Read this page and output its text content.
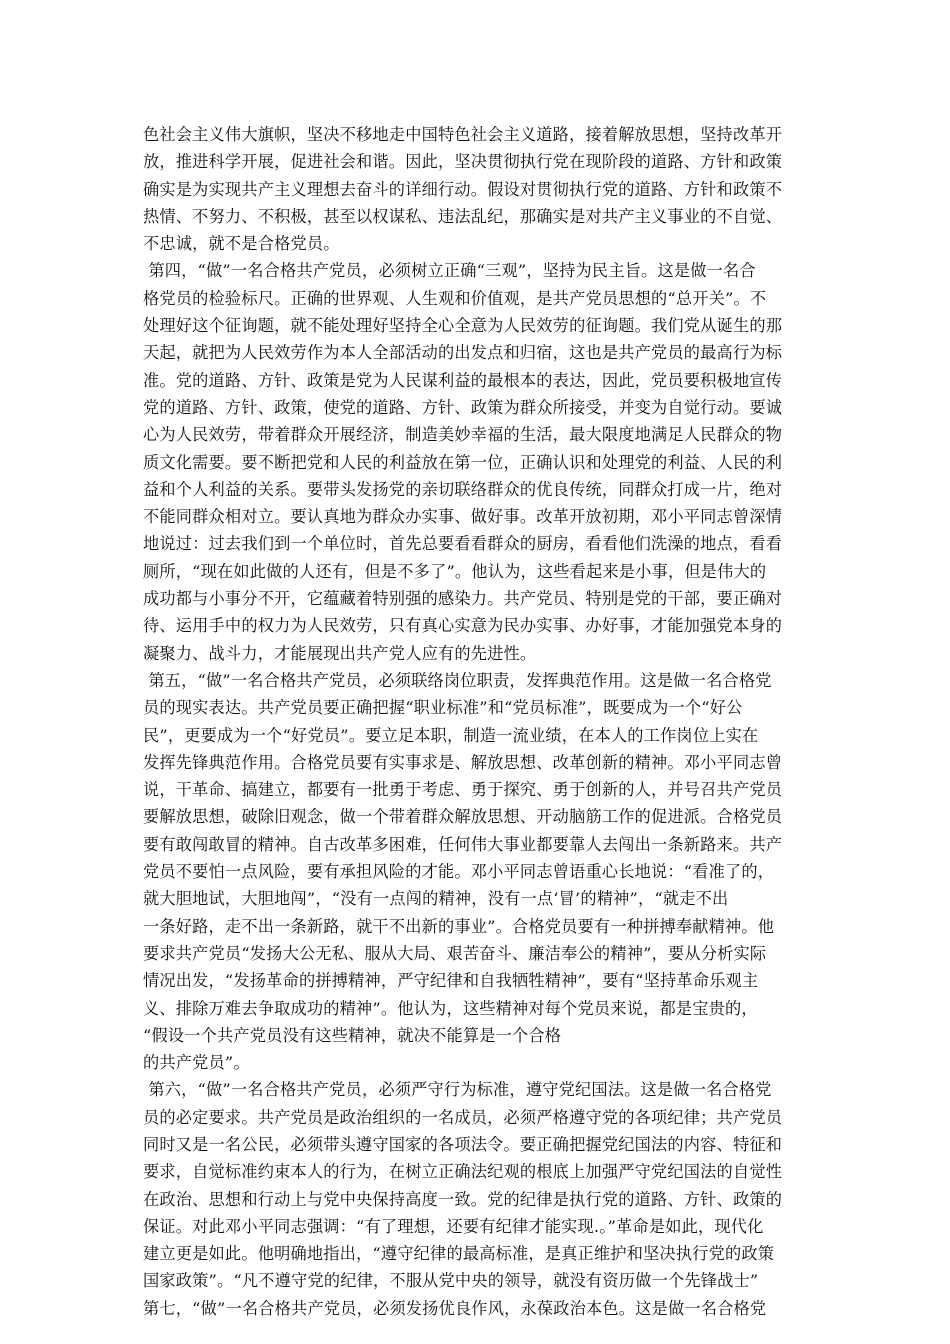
色社会主义伟大旗帜，坚决不移地走中国特色社会主义道路，接着解放思想，坚持改革开
放，推进科学开展，促进社会和谐。因此，坚决贯彻执行党在现阶段的道路、方针和政策
确实是为实现共产主义理想去奋斗的详细行动。假设对贯彻执行党的道路、方针和政策不
热情、不努力、不积极，甚至以权谋私、违法乱纪，那确实是对共产主义事业的不自觉、
不忠诚，就不是合格党员。
第四，“做”一名合格共产党员，必须树立正确“三观”，坚持为民主旨。这是做一名合
格党员的检验标尺。正确的世界观、人生观和价值观，是共产党员思想的“总开关”。不
处理好这个征询题，就不能处理好坚持全心全意为人民效劳的征询题。我们党从诞生的那
天起，就把为人民效劳作为本人全部活动的出发点和归宿，这也是共产党员的最高行为标
准。党的道路、方针、政策是党为人民谋利益的最根本的表达，因此，党员要积极地宣传
党的道路、方针、政策，使党的道路、方针、政策为群众所接受，并变为自觉行动。要诚
心为人民效劳，带着群众开展经济，制造美妙幸福的生活，最大限度地满足人民群众的物
质文化需要。要不断把党和人民的利益放在第一位，正确认识和处理党的利益、人民的利
益和个人利益的关系。要带头发扬党的亲切联络群众的优良传统，同群众打成一片，绝对
不能同群众相对立。要认真地为群众办实事、做好事。改革开放初期，邓小平同志曾深情
地说过：过去我们到一个单位时，首先总要看看群众的厨房，看看他们洗澡的地点，看看
厕所，“现在如此做的人还有，但是不多了”。他认为，这些看起来是小事，但是伟大的
成功都与小事分不开，它蕴藏着特别强的感染力。共产党员、特别是党的干部，要正确对
待、运用手中的权力为人民效劳，只有真心实意为民办实事、办好事，才能加强党本身的
凝聚力、战斗力，才能展现出共产党人应有的先进性。
第五，“做”一名合格共产党员，必须联络岗位职责，发挥典范作用。这是做一名合格党
员的现实表达。共产党员要正确把握“职业标准”和“党员标准”，既要成为一个“好公
民”，更要成为一个“好党员”。要立足本职，制造一流业绩，在本人的工作岗位上实在
发挥先锋典范作用。合格党员要有实事求是、解放思想、改革创新的精神。邓小平同志曾
说，干革命、搞建立，都要有一批勇于考虑、勇于探究、勇于创新的人，并号召共产党员
要解放思想，破除旧观念，做一个带着群众解放思想、开动脑筋工作的促进派。合格党员
要有敢闯敢冒的精神。自古改革多困难，任何伟大事业都要靠人去闯出一条新路来。共产
党员不要怕一点风险，要有承担风险的才能。邓小平同志曾语重心长地说：“看准了的，
就大胆地试，大胆地闯”，“没有一点闯的精神，没有一点‘冒’的精神”，“就走不出
一条好路，走不出一条新路，就干不出新的事业”。合格党员要有一种拼搏奉献精神。他
要求共产党员“发扬大公无私、服从大局、艰苦奋斗、廉洁奉公的精神”，要从分析实际
情况出发，“发扬革命的拼搏精神，严守纪律和自我牺牲精神”，要有“坚持革命乐观主
义、排除万难去争取成功的精神”。他认为，这些精神对每个党员来说，都是宝贵的，
“假设一个共产党员没有这些精神，就决不能算是一个合格
的共产党员”。
第六，“做”一名合格共产党员，必须严守行为标准，遵守党纪国法。这是做一名合格党
员的必定要求。共产党员是政治组织的一名成员，必须严格遵守党的各项纪律；共产党员
同时又是一名公民，必须带头遵守国家的各项法令。要正确把握党纪国法的内容、特征和
要求，自觉标准约束本人的行为，在树立正确法纪观的根底上加强严守党纪国法的自觉性
在政治、思想和行动上与党中央保持高度一致。党的纪律是执行党的道路、方针、政策的
保证。对此邓小平同志强调：“有了理想，还要有纪律才能实现.。”革命是如此，现代化
建立更是如此。他明确地指出，“遵守纪律的最高标准，是真正维护和坚决执行党的政策
国家政策”。“凡不遵守党的纪律，不服从党中央的领导，就没有资历做一个先锋战士”
第七，“做”一名合格共产党员，必须发扬优良作风，永葆政治本色。这是做一名合格党
